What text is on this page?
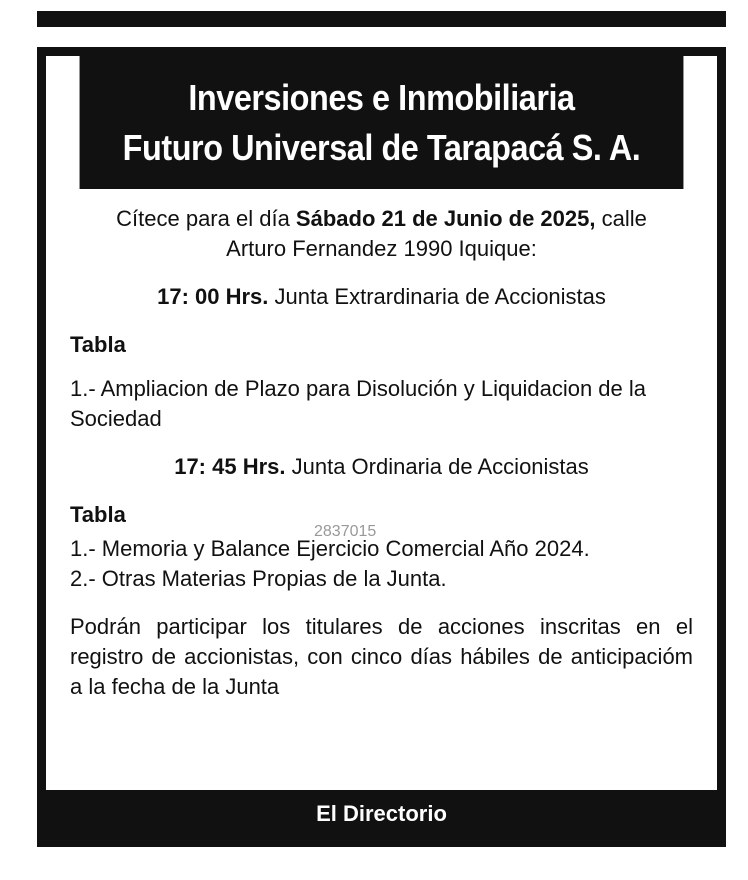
Inversiones e Inmobiliaria
Futuro Universal de Tarapacá S. A.

Cítece para el día Sábado 21 de Junio de 2025, calle
Arturo Fernandez 1990 Iquique:

17: 00 Hrs. Junta Extrardinaria de Accionistas

Tabla

1.- Ampliacion de Plazo para Disolución y Liquidacion de la Sociedad

17: 45 Hrs. Junta Ordinaria de Accionistas

Tabla

1.- Memoria y Balance Ejercicio Comercial Año 2024.

2.- Otras Materias Propias de la Junta.

Podrán participar los titulares de acciones inscritas en el registro de accionistas, con cinco días hábiles de anticipacióm a la fecha de la Junta

2837015
El Directorio
